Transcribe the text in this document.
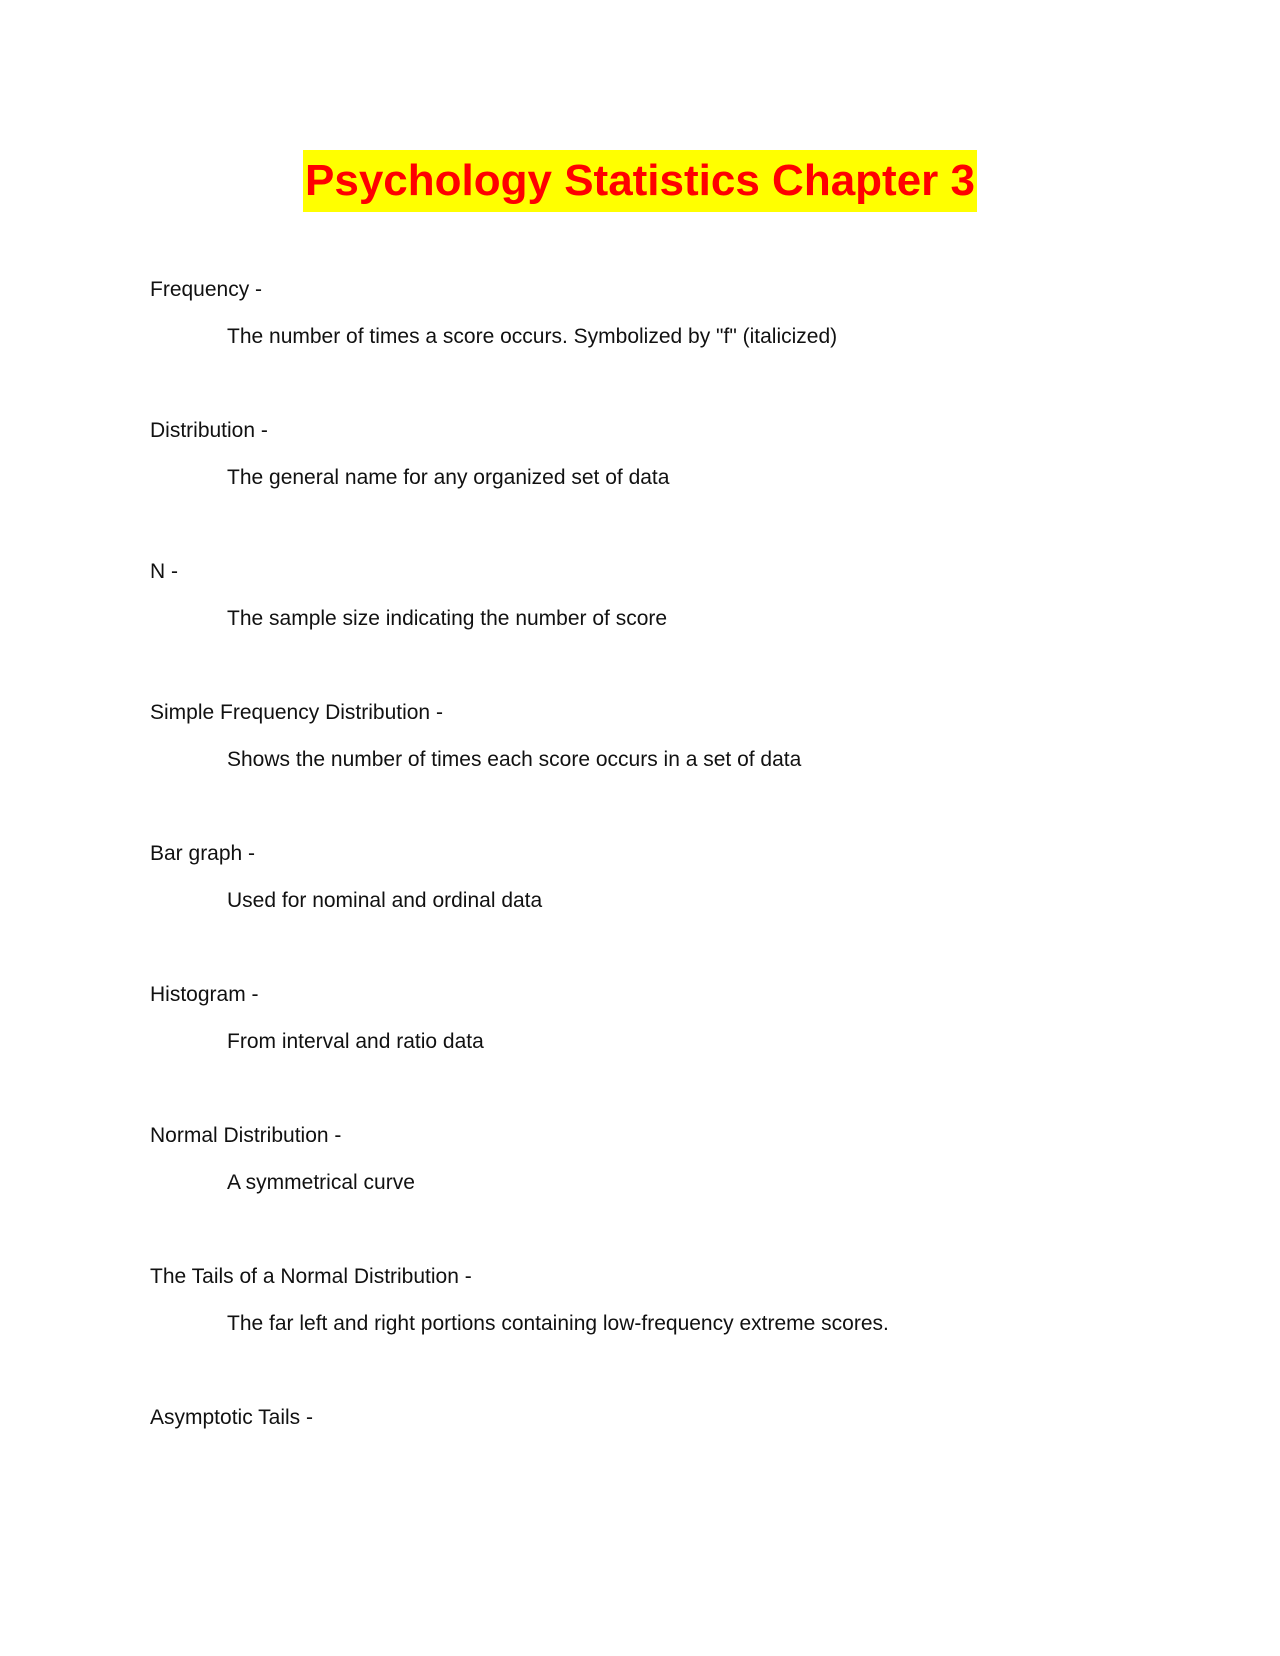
Psychology Statistics Chapter 3
Frequency -
The number of times a score occurs. Symbolized by "f" (italicized)
Distribution -
The general name for any organized set of data
N -
The sample size indicating the number of score
Simple Frequency Distribution -
Shows the number of times each score occurs in a set of data
Bar graph -
Used for nominal and ordinal data
Histogram -
From interval and ratio data
Normal Distribution -
A symmetrical curve
The Tails of a Normal Distribution -
The far left and right portions containing low-frequency extreme scores.
Asymptotic Tails -
